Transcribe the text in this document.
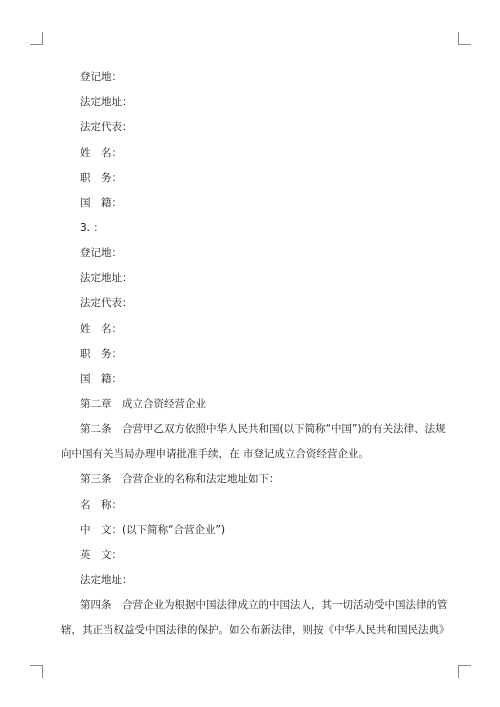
登记地：
法定地址：
法定代表：
姓　名：
职　务：
国　籍：
3. ：
登记地：
法定地址：
法定代表：
姓　名：
职　务：
国　籍：
第二章　成立合资经营企业
第二条　合营甲乙双方依照中华人民共和国(以下简称“中国”)的有关法律、法规
向中国有关当局办理申请批准手续，在 市登记成立合资经营企业。
第三条　合营企业的名称和法定地址如下：
名　称：
中　文：(以下简称“合营企业”)
英　文：
法定地址：
第四条　合营企业为根据中国法律成立的中国法人，其一切活动受中国法律的管
辖，其正当权益受中国法律的保护。如公布新法律，则按《中华人民共和国民法典》
